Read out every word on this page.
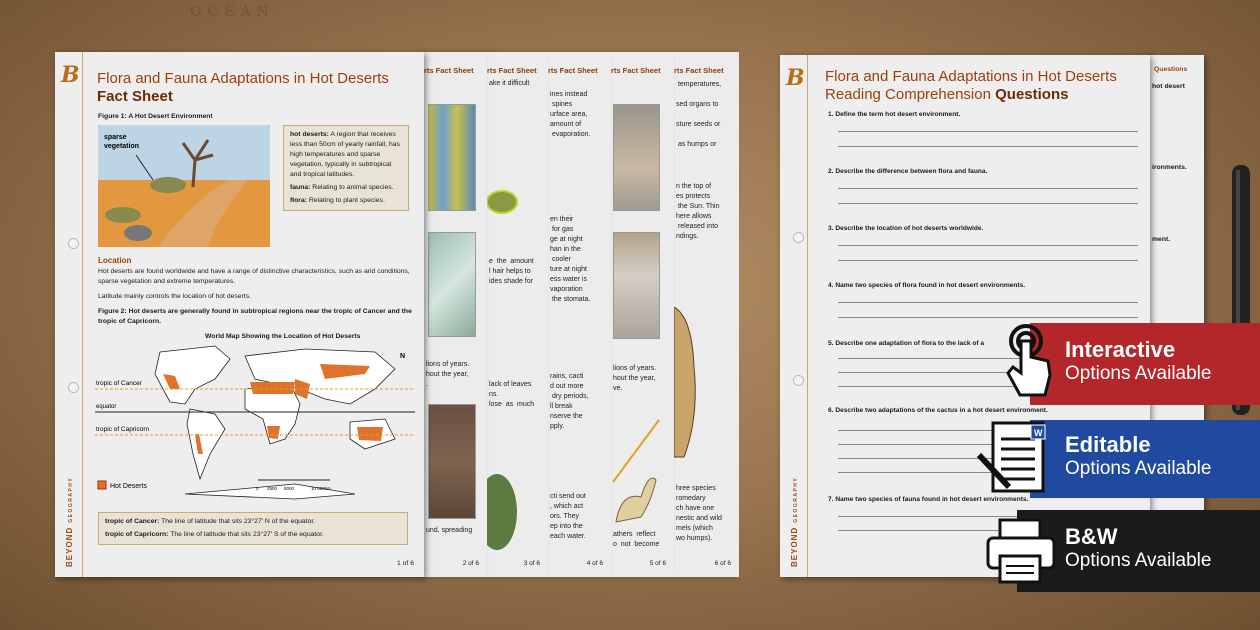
OCEAN
rts Fact Sheet
temperatures,

sed organs to

sture seeds or

as humps or
n the top of
es protects
the Sun. Thin
here allows
released into
ndings.
hree species
romedary
ch have one
nestic and wild
mels (which
wo humps).
6 of 6
rts Fact Sheet
lions of years.
hout the year,
ve.
athers  reflect
o  not  become
5 of 6
rts Fact Sheet
ines instead
spines
urface area,
amount of
evaporation.
en their
for gas
ge at night
han in the
cooler
ture at night
ess water is
vaporation
the stomata.
rains, cacti
d out more
dry periods,
ll break
nserve the
pply.

cti send out
, which act
ors. They
ep into the
each water.
4 of 6
rts Fact Sheet
ake it difficult
e  the  amount
l hair helps to
ides shade for
lack of leaves
ns.
lose  as  much
3 of 6
rts Fact Sheet
lions of years.
hout the year,
.
und, spreading
2 of 6
B
BEYONDGEOGRAPHY
Flora and Fauna Adaptations in Hot Deserts
Fact Sheet
Figure 1: A Hot Desert Environment
sparse
vegetation
hot deserts: A region that receives less than 50cm of yearly rainfall, has high temperatures and sparse vegetation, typically in subtropical and tropical latitudes.
fauna: Relating to animal species.
flora: Relating to plant species.
Location
Hot deserts are found worldwide and have a range of distinctive characteristics, such as arid conditions, sparse vegetation and extreme temperatures.
Latitude mainly controls the location of hot deserts.
Figure 2: Hot deserts are generally found in subtropical regions near the tropic of Cancer and the tropic of Capricorn.
World Map Showing the Location of Hot Deserts
tropic of Cancer
equator
tropic of Capricorn
N
Hot Deserts	0 2500 5000	10 000km
tropic of Cancer: The line of latitude that sits 23°27′ N of the equator.
tropic of Capricorn: The line of latitude that sits 23°27′ S of the equator.
1 of 6
Questions
hot desert
ironments.
ment.
B
BEYONDGEOGRAPHY
Flora and Fauna Adaptations in Hot Deserts
Reading Comprehension Questions
1. Define the term hot desert environment.
2. Describe the difference between flora and fauna.
3. Describe the location of hot deserts worldwide.
4. Name two species of flora found in hot desert environments.
5. Describe one adaptation of flora to the lack of a
6. Describe two adaptations of the cactus in a hot desert environment.
7. Name two species of fauna found in hot desert environments.
Interactive
Options Available
W Editable
Options Available
B&W
Options Available
